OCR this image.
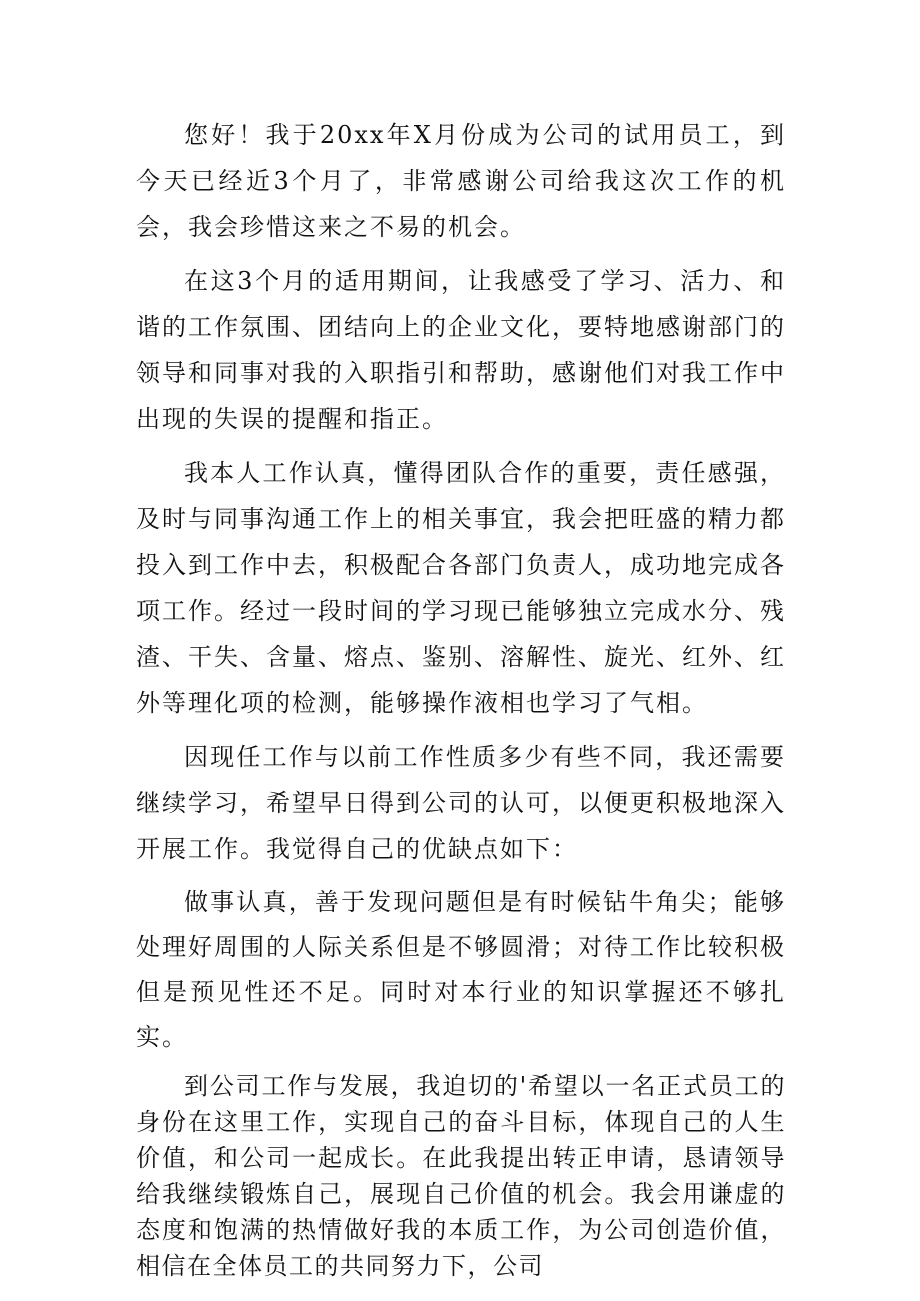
您好！我于20xx年X月份成为公司的试用员工，到今天已经近3个月了，非常感谢公司给我这次工作的机会，我会珍惜这来之不易的机会。

在这3个月的适用期间，让我感受了学习、活力、和谐的工作氛围、团结向上的企业文化，要特地感谢部门的领导和同事对我的入职指引和帮助，感谢他们对我工作中出现的失误的提醒和指正。

我本人工作认真，懂得团队合作的重要，责任感强，及时与同事沟通工作上的相关事宜，我会把旺盛的精力都投入到工作中去，积极配合各部门负责人，成功地完成各项工作。经过一段时间的学习现已能够独立完成水分、残渣、干失、含量、熔点、鉴别、溶解性、旋光、红外、红外等理化项的检测，能够操作液相也学习了气相。

因现任工作与以前工作性质多少有些不同，我还需要继续学习，希望早日得到公司的认可，以便更积极地深入开展工作。我觉得自己的优缺点如下：

做事认真，善于发现问题但是有时候钻牛角尖；能够处理好周围的人际关系但是不够圆滑；对待工作比较积极但是预见性还不足。同时对本行业的知识掌握还不够扎实。

到公司工作与发展，我迫切的'希望以一名正式员工的身份在这里工作，实现自己的奋斗目标，体现自己的人生价值，和公司一起成长。在此我提出转正申请，恳请领导给我继续锻炼自己，展现自己价值的机会。我会用谦虚的态度和饱满的热情做好我的本质工作，为公司创造价值，相信在全体员工的共同努力下，公司
